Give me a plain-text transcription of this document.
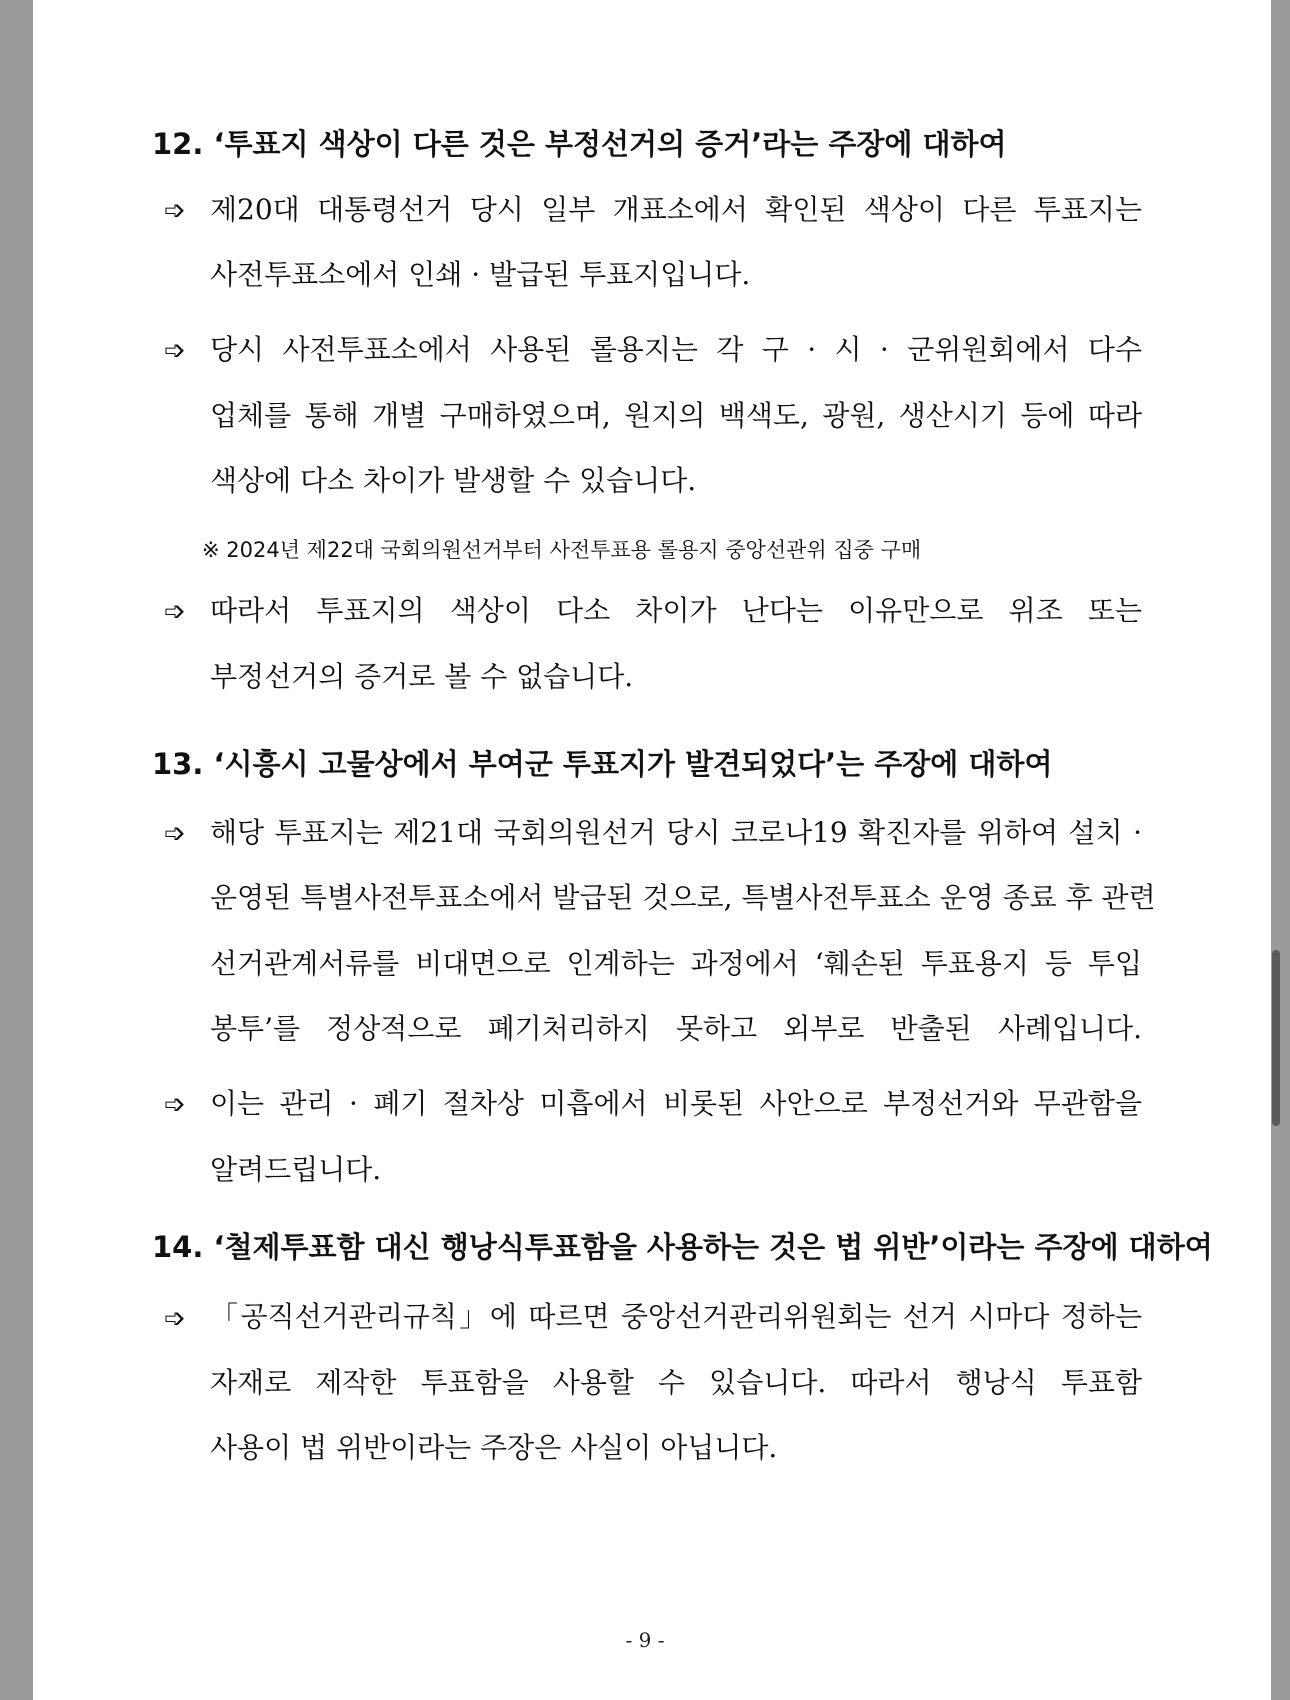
12. ‘투표지 색상이 다른 것은 부정선거의 증거’라는 주장에 대하여
➩ 제20대 대통령선거 당시 일부 개표소에서 확인된 색상이 다른 투표지는
사전투표소에서 인쇄 · 발급된 투표지입니다.
➩ 당시 사전투표소에서 사용된 롤용지는 각 구 · 시 · 군위원회에서 다수
업체를 통해 개별 구매하였으며, 원지의 백색도, 광원, 생산시기 등에 따라
색상에 다소 차이가 발생할 수 있습니다.
※ 2024년 제22대 국회의원선거부터 사전투표용 롤용지 중앙선관위 집중 구매
➩ 따라서 투표지의 색상이 다소 차이가 난다는 이유만으로 위조 또는
부정선거의 증거로 볼 수 없습니다.
13. ‘시흥시 고물상에서 부여군 투표지가 발견되었다’는 주장에 대하여
➩ 해당 투표지는 제21대 국회의원선거 당시 코로나19 확진자를 위하여 설치 ·
운영된 특별사전투표소에서 발급된 것으로, 특별사전투표소 운영 종료 후 관련
선거관계서류를 비대면으로 인계하는 과정에서 ‘훼손된 투표용지 등 투입
봉투’를 정상적으로 폐기처리하지 못하고 외부로 반출된 사례입니다.
➩ 이는 관리 · 폐기 절차상 미흡에서 비롯된 사안으로 부정선거와 무관함을
알려드립니다.
14. ‘철제투표함 대신 행낭식투표함을 사용하는 것은 법 위반’이라는 주장에 대하여
➩ 「공직선거관리규칙」에 따르면 중앙선거관리위원회는 선거 시마다 정하는
자재로 제작한 투표함을 사용할 수 있습니다. 따라서 행낭식 투표함
사용이 법 위반이라는 주장은 사실이 아닙니다.
- 9 -
